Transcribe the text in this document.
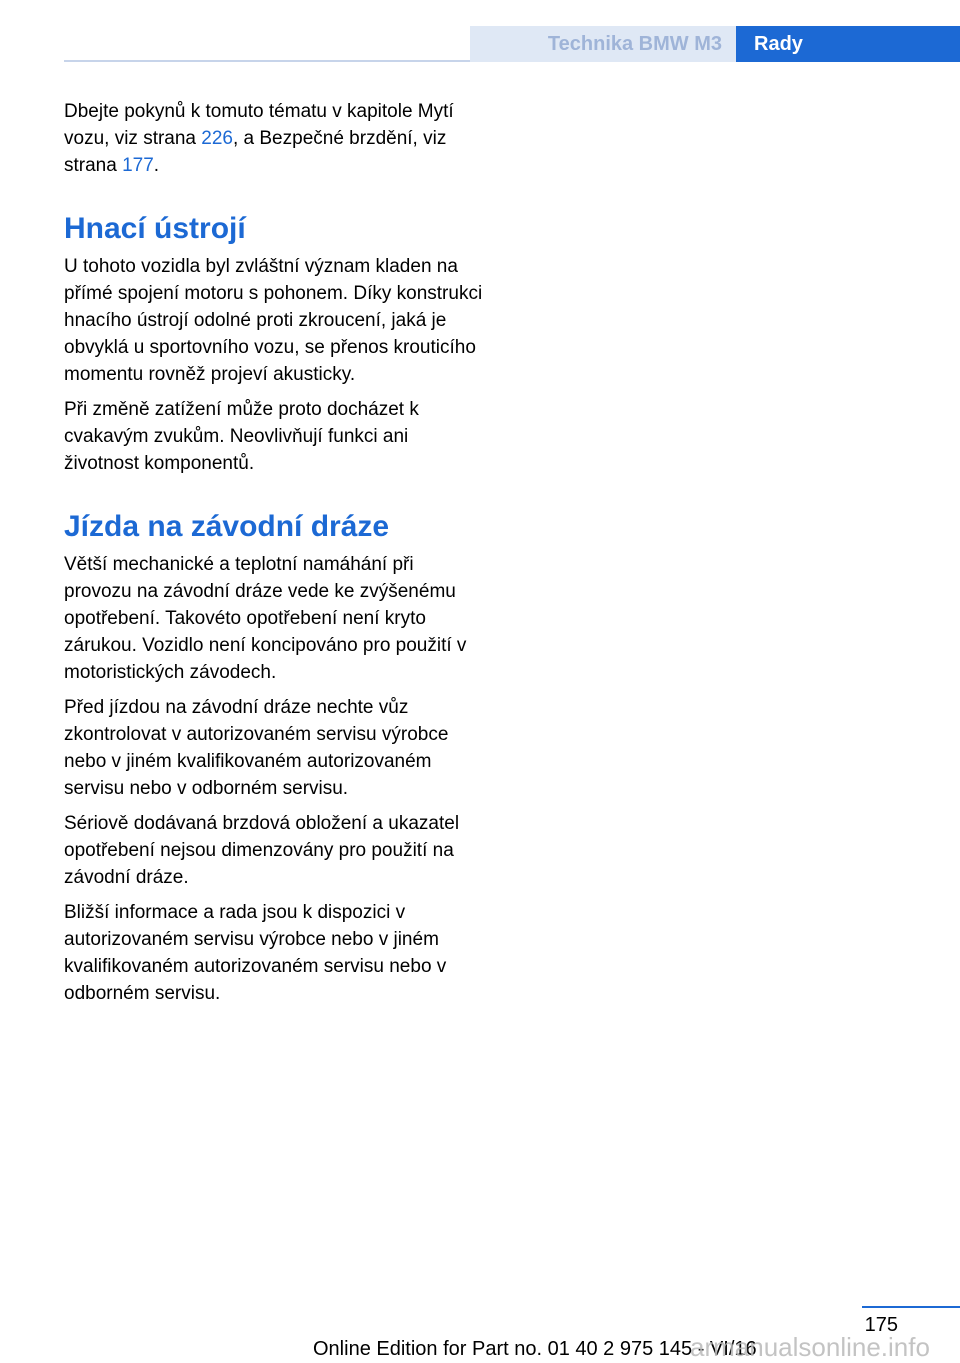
Technika BMW M3 Rady

Dbejte pokynů k tomuto tématu v kapitole Mytí vozu, viz strana 226, a Bezpečné brzdění, viz strana 177.

Hnací ústrojí

U tohoto vozidla byl zvláštní význam kladen na přímé spojení motoru s pohonem. Díky konstrukci hnacího ústrojí odolné proti zkroucení, jaká je obvyklá u sportovního vozu, se přenos krouticího momentu rovněž projeví akusticky.

Při změně zatížení může proto docházet k cvakavým zvukům. Neovlivňují funkci ani životnost komponentů.

Jízda na závodní dráze

Větší mechanické a teplotní namáhání při provozu na závodní dráze vede ke zvýšenému opotřebení. Takovéto opotřebení není kryto zárukou. Vozidlo není koncipováno pro použití v motoristických závodech.

Před jízdou na závodní dráze nechte vůz zkontrolovat v autorizovaném servisu výrobce nebo v jiném kvalifikovaném autorizovaném servisu nebo v odborném servisu.

Sériově dodávaná brzdová obložení a ukazatel opotřebení nejsou dimenzovány pro použití na závodní dráze.

Bližší informace a rada jsou k dispozici v autorizovaném servisu výrobce nebo v jiném kvalifikovaném autorizovaném servisu nebo v odborném servisu.

175
Online Edition for Part no. 01 40 2 975 145 - VI/16
armanualsonline.info
